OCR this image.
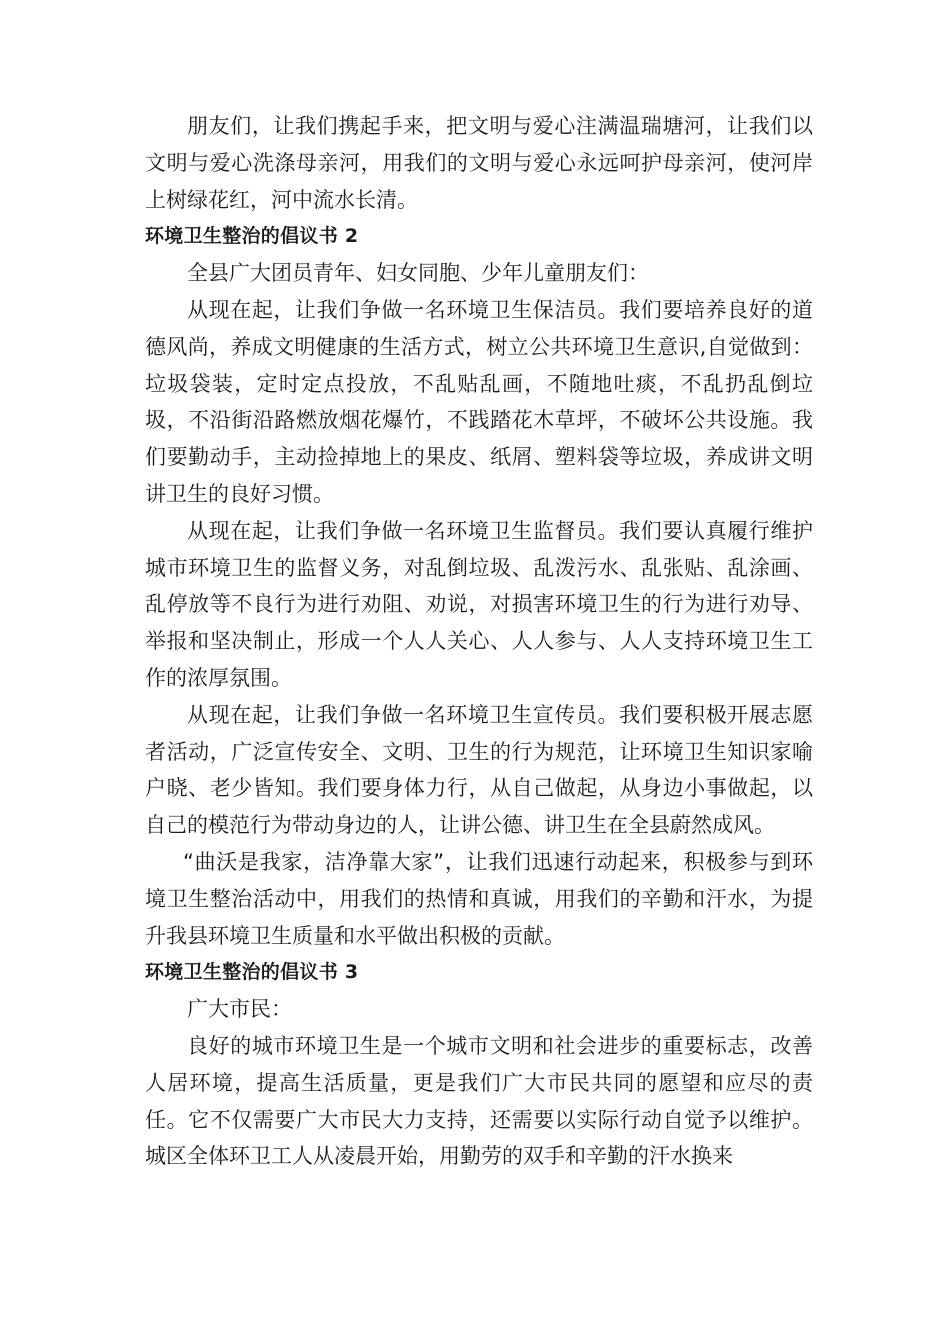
朋友们，让我们携起手来，把文明与爱心注满温瑞塘河，让我们以文明与爱心洗涤母亲河，用我们的文明与爱心永远呵护母亲河，使河岸上树绿花红，河中流水长清。

环境卫生整治的倡议书 2

全县广大团员青年、妇女同胞、少年儿童朋友们：

从现在起，让我们争做一名环境卫生保洁员。我们要培养良好的道德风尚，养成文明健康的生活方式，树立公共环境卫生意识,自觉做到：垃圾袋装，定时定点投放，不乱贴乱画，不随地吐痰，不乱扔乱倒垃圾，不沿街沿路燃放烟花爆竹，不践踏花木草坪，不破坏公共设施。我们要勤动手，主动捡掉地上的果皮、纸屑、塑料袋等垃圾，养成讲文明讲卫生的良好习惯。

从现在起，让我们争做一名环境卫生监督员。我们要认真履行维护城市环境卫生的监督义务，对乱倒垃圾、乱泼污水、乱张贴、乱涂画、乱停放等不良行为进行劝阻、劝说，对损害环境卫生的行为进行劝导、举报和坚决制止，形成一个人人关心、人人参与、人人支持环境卫生工作的浓厚氛围。

从现在起，让我们争做一名环境卫生宣传员。我们要积极开展志愿者活动，广泛宣传安全、文明、卫生的行为规范，让环境卫生知识家喻户晓、老少皆知。我们要身体力行，从自己做起，从身边小事做起，以自己的模范行为带动身边的人，让讲公德、讲卫生在全县蔚然成风。

“曲沃是我家，洁净靠大家”，让我们迅速行动起来，积极参与到环境卫生整治活动中，用我们的热情和真诚，用我们的辛勤和汗水，为提升我县环境卫生质量和水平做出积极的贡献。

环境卫生整治的倡议书 3

广大市民：

良好的城市环境卫生是一个城市文明和社会进步的重要标志，改善人居环境，提高生活质量，更是我们广大市民共同的愿望和应尽的责任。它不仅需要广大市民大力支持，还需要以实际行动自觉予以维护。城区全体环卫工人从凌晨开始，用勤劳的双手和辛勤的汗水换来
